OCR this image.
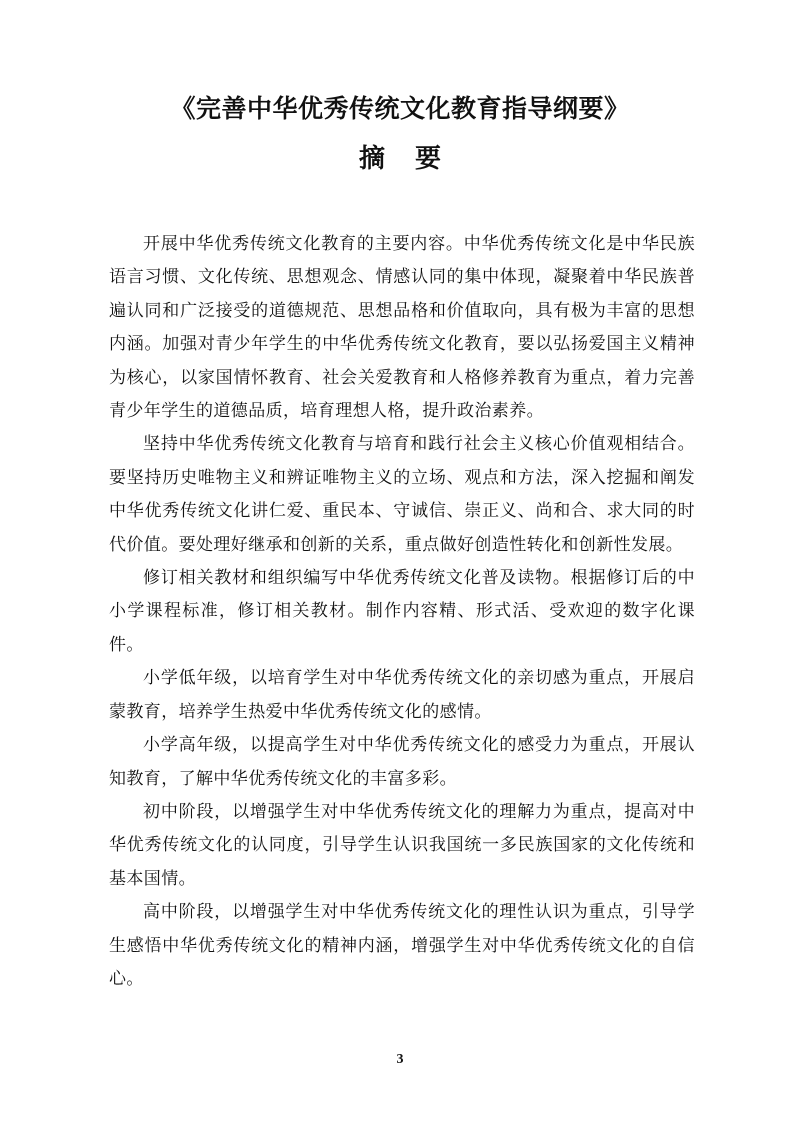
《完善中华优秀传统文化教育指导纲要》
摘要

开展中华优秀传统文化教育的主要内容。中华优秀传统文化是中华民族语言习惯、文化传统、思想观念、情感认同的集中体现，凝聚着中华民族普遍认同和广泛接受的道德规范、思想品格和价值取向，具有极为丰富的思想内涵。加强对青少年学生的中华优秀传统文化教育，要以弘扬爱国主义精神为核心，以家国情怀教育、社会关爱教育和人格修养教育为重点，着力完善青少年学生的道德品质，培育理想人格，提升政治素养。

坚持中华优秀传统文化教育与培育和践行社会主义核心价值观相结合。要坚持历史唯物主义和辨证唯物主义的立场、观点和方法，深入挖掘和阐发中华优秀传统文化讲仁爱、重民本、守诚信、崇正义、尚和合、求大同的时代价值。要处理好继承和创新的关系，重点做好创造性转化和创新性发展。

修订相关教材和组织编写中华优秀传统文化普及读物。根据修订后的中小学课程标准，修订相关教材。制作内容精、形式活、受欢迎的数字化课件。

小学低年级，以培育学生对中华优秀传统文化的亲切感为重点，开展启蒙教育，培养学生热爱中华优秀传统文化的感情。

小学高年级，以提高学生对中华优秀传统文化的感受力为重点，开展认知教育，了解中华优秀传统文化的丰富多彩。

初中阶段，以增强学生对中华优秀传统文化的理解力为重点，提高对中华优秀传统文化的认同度，引导学生认识我国统一多民族国家的文化传统和基本国情。

高中阶段，以增强学生对中华优秀传统文化的理性认识为重点，引导学生感悟中华优秀传统文化的精神内涵，增强学生对中华优秀传统文化的自信心。

3
